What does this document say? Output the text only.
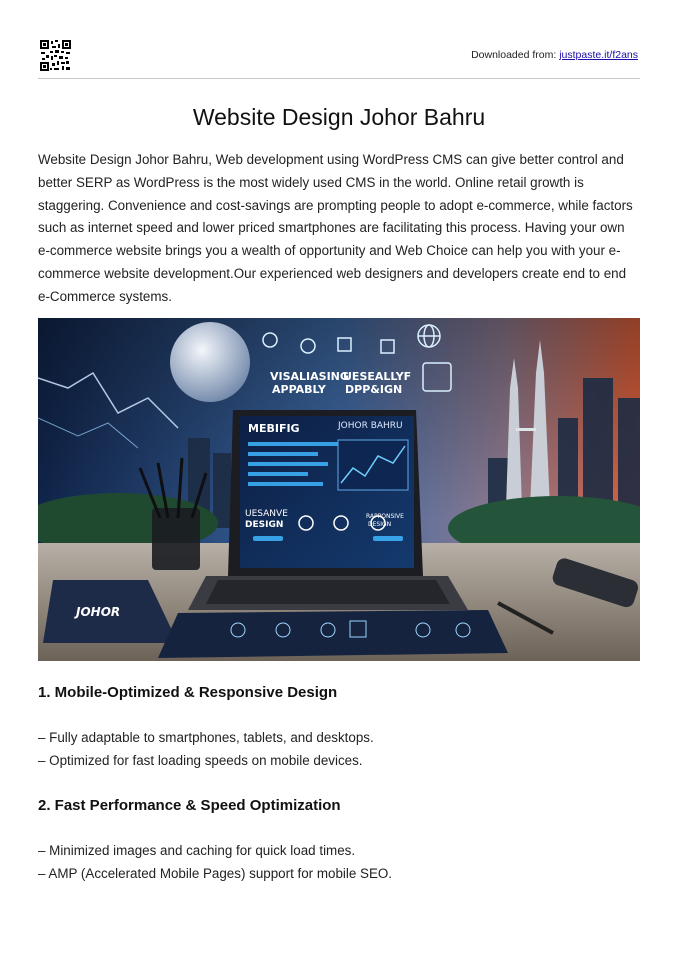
Downloaded from: justpaste.it/f2ans
Website Design Johor Bahru

Website Design Johor Bahru, Web development using WordPress CMS can give better control and better SERP as WordPress is the most widely used CMS in the world. Online retail growth is staggering. Convenience and cost-savings are prompting people to adopt e-commerce, while factors such as internet speed and lower priced smartphones are facilitating this process. Having your own e-commerce website brings you a wealth of opportunity and Web Choice can help you with your e-commerce website development.Our experienced web designers and developers create end to end e-Commerce systems.

VISALIASING
APPABLY
UESEALLYF
DPP&IGN
MEBIFIG	JOHOR BAHRU
UESANVE
DESIGN
RAPPONSIVE
DESIGN
JOHOR
1. Mobile-Optimized & Responsive Design
– Fully adaptable to smartphones, tablets, and desktops.
– Optimized for fast loading speeds on mobile devices.
2. Fast Performance & Speed Optimization
– Minimized images and caching for quick load times.
– AMP (Accelerated Mobile Pages) support for mobile SEO.
